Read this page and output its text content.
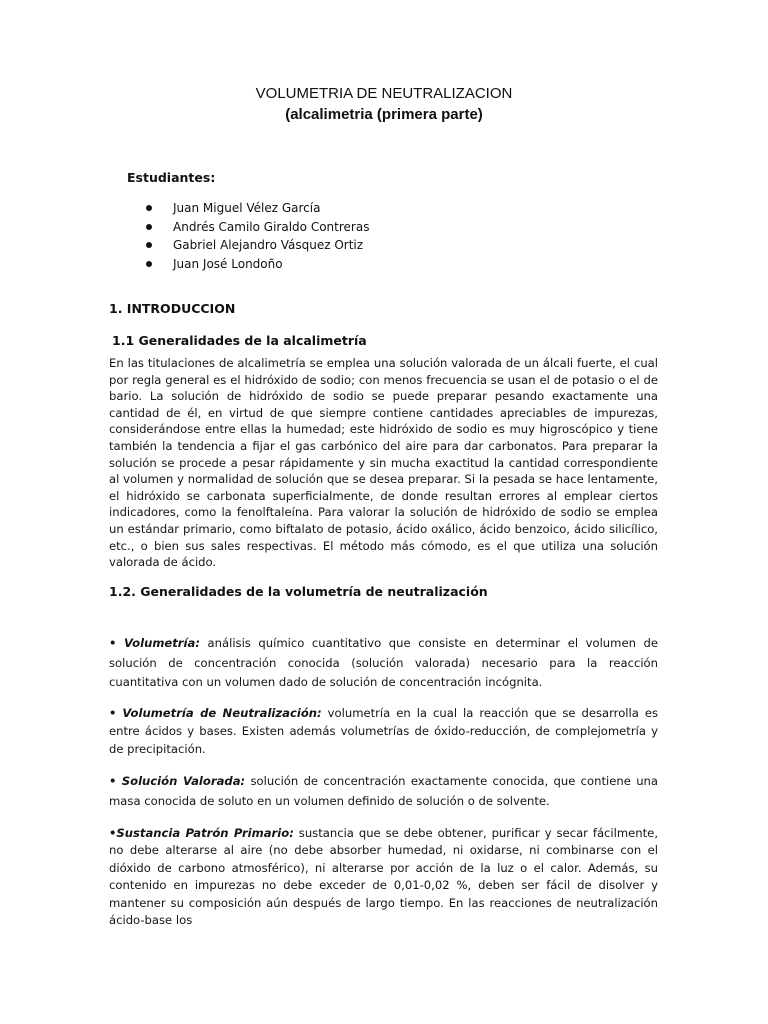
VOLUMETRIA DE NEUTRALIZACION
(alcalimetria (primera parte)
Estudiantes:
Juan Miguel Vélez García
Andrés Camilo Giraldo Contreras
Gabriel Alejandro Vásquez Ortiz
Juan José Londoño
1. INTRODUCCION
1.1 Generalidades de la alcalimetría

En las titulaciones de alcalimetría se emplea una solución valorada de un álcali fuerte, el cual por regla general es el hidróxido de sodio; con menos frecuencia se usan el de potasio o el de bario. La solución de hidróxido de sodio se puede preparar pesando exactamente una cantidad de él, en virtud de que siempre contiene cantidades apreciables de impurezas, considerándose entre ellas la humedad; este hidróxido de sodio es muy higroscópico y tiene también la tendencia a fijar el gas carbónico del aire para dar carbonatos. Para preparar la solución se procede a pesar rápidamente y sin mucha exactitud la cantidad correspondiente al volumen y normalidad de solución que se desea preparar. Si la pesada se hace lentamente, el hidróxido se carbonata superficialmente, de donde resultan errores al emplear ciertos indicadores, como la fenolftaleína. Para valorar la solución de hidróxido de sodio se emplea un estándar primario, como biftalato de potasio, ácido oxálico, ácido benzoico, ácido silicílico, etc., o bien sus sales respectivas. El método más cómodo, es el que utiliza una solución valorada de ácido.

1.2. Generalidades de la volumetría de neutralización

• Volumetría: análisis químico cuantitativo que consiste en determinar el volumen de solución de concentración conocida (solución valorada) necesario para la reacción cuantitativa con un volumen dado de solución de concentración incógnita.

• Volumetría de Neutralización: volumetría en la cual la reacción que se desarrolla es entre ácidos y bases. Existen además volumetrías de óxido-reducción, de complejometría y de precipitación.

• Solución Valorada: solución de concentración exactamente conocida, que contiene una masa conocida de soluto en un volumen definido de solución o de solvente.

•Sustancia Patrón Primario: sustancia que se debe obtener, purificar y secar fácilmente, no debe alterarse al aire (no debe absorber humedad, ni oxidarse, ni combinarse con el dióxido de carbono atmosférico), ni alterarse por acción de la luz o el calor. Además, su contenido en impurezas no debe exceder de 0,01-0,02 %, deben ser fácil de disolver y mantener su composición aún después de largo tiempo. En las reacciones de neutralización ácido-base los
